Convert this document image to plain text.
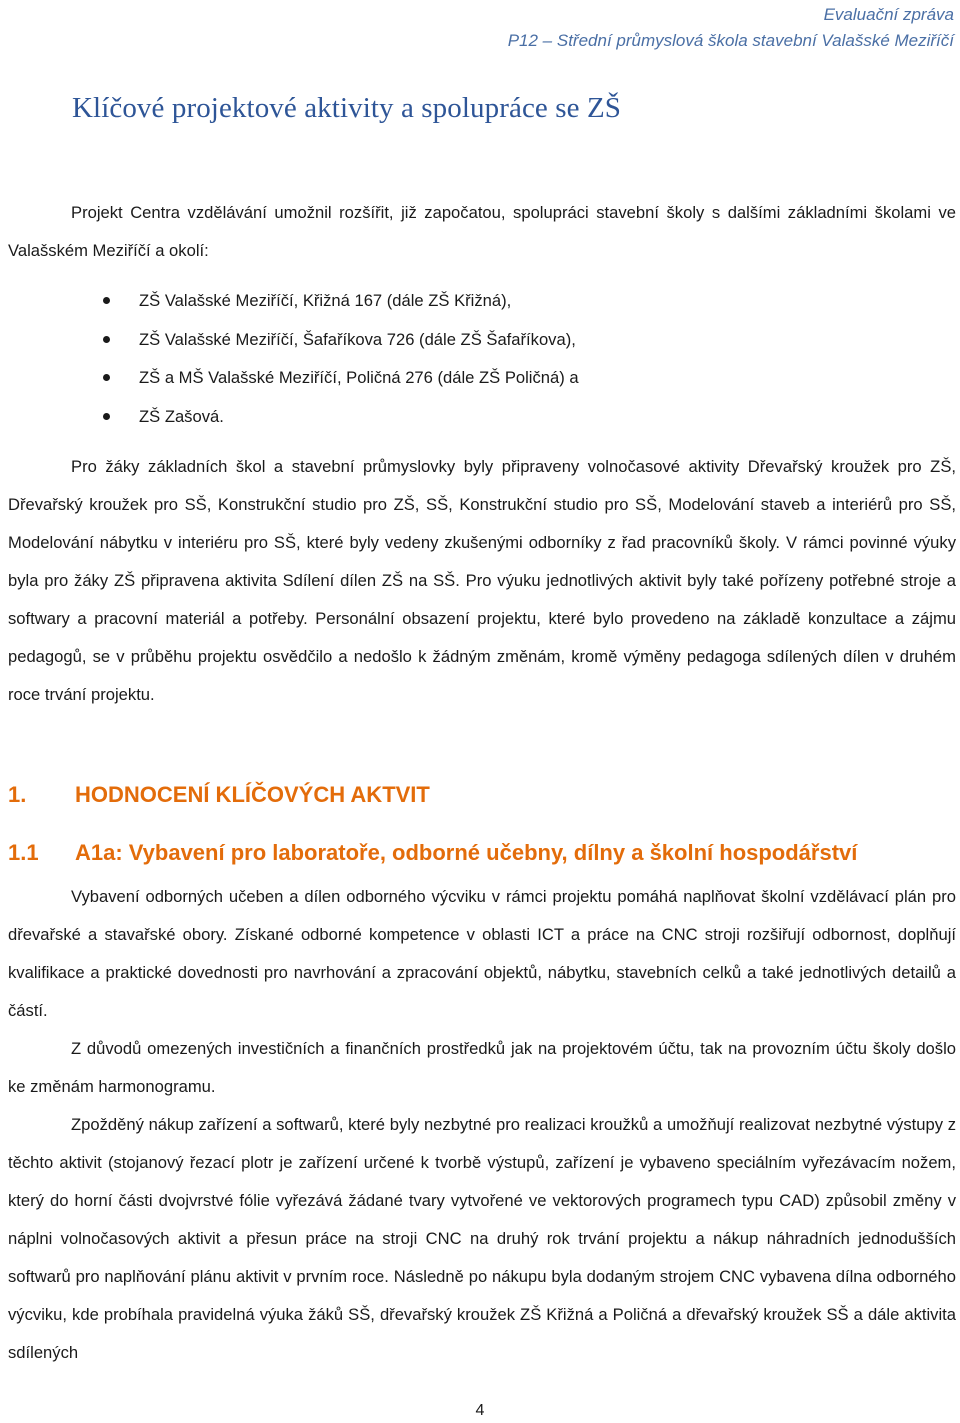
Evaluační zpráva
P12 – Střední průmyslová škola stavební Valašské Meziříčí
Klíčové projektové aktivity a spolupráce se ZŠ

Projekt Centra vzdělávání umožnil rozšířit, již započatou, spolupráci stavební školy s dalšími základními školami ve Valašském Meziříčí a okolí:

ZŠ Valašské Meziříčí, Křižná 167 (dále ZŠ Křižná),
ZŠ Valašské Meziříčí, Šafaříkova 726 (dále ZŠ Šafaříkova),
ZŠ a MŠ Valašské Meziříčí, Poličná 276 (dále ZŠ Poličná) a
ZŠ Zašová.

Pro žáky základních škol a stavební průmyslovky byly připraveny volnočasové aktivity Dřevařský kroužek pro ZŠ, Dřevařský kroužek pro SŠ, Konstrukční studio pro ZŠ, SŠ, Konstrukční studio pro SŠ, Modelování staveb a interiérů pro SŠ, Modelování nábytku v interiéru pro SŠ, které byly vedeny zkušenými odborníky z řad pracovníků školy. V rámci povinné výuky byla pro žáky ZŠ připravena aktivita Sdílení dílen ZŠ na SŠ. Pro výuku jednotlivých aktivit byly také pořízeny potřebné stroje a softwary a pracovní materiál a potřeby. Personální obsazení projektu, které bylo provedeno na základě konzultace a zájmu pedagogů, se v průběhu projektu osvědčilo a nedošlo k žádným změnám, kromě výměny pedagoga sdílených dílen v druhém roce trvání projektu.

1. HODNOCENÍ KLÍČOVÝCH AKTVIT
1.1 A1a: Vybavení pro laboratoře, odborné učebny, dílny a školní hospodářství

Vybavení odborných učeben a dílen odborného výcviku v rámci projektu pomáhá naplňovat školní vzdělávací plán pro dřevařské a stavařské obory. Získané odborné kompetence v oblasti ICT a práce na CNC stroji rozšiřují odbornost, doplňují kvalifikace a praktické dovednosti pro navrhování a zpracování objektů, nábytku, stavebních celků a také jednotlivých detailů a částí.

Z důvodů omezených investičních a finančních prostředků jak na projektovém účtu, tak na provozním účtu školy došlo ke změnám harmonogramu.

Zpožděný nákup zařízení a softwarů, které byly nezbytné pro realizaci kroužků a umožňují realizovat nezbytné výstupy z těchto aktivit (stojanový řezací plotr je zařízení určené k tvorbě výstupů, zařízení je vybaveno speciálním vyřezávacím nožem, který do horní části dvojvrstvé fólie vyřezává žádané tvary vytvořené ve vektorových programech typu CAD) způsobil změny v náplni volnočasových aktivit a přesun práce na stroji CNC na druhý rok trvání projektu a nákup náhradních jednodušších softwarů pro naplňování plánu aktivit v prvním roce. Následně po nákupu byla dodaným strojem CNC vybavena dílna odborného výcviku, kde probíhala pravidelná výuka žáků SŠ, dřevařský kroužek ZŠ Křižná a Poličná a dřevařský kroužek SŠ a dále aktivita sdílených

4
